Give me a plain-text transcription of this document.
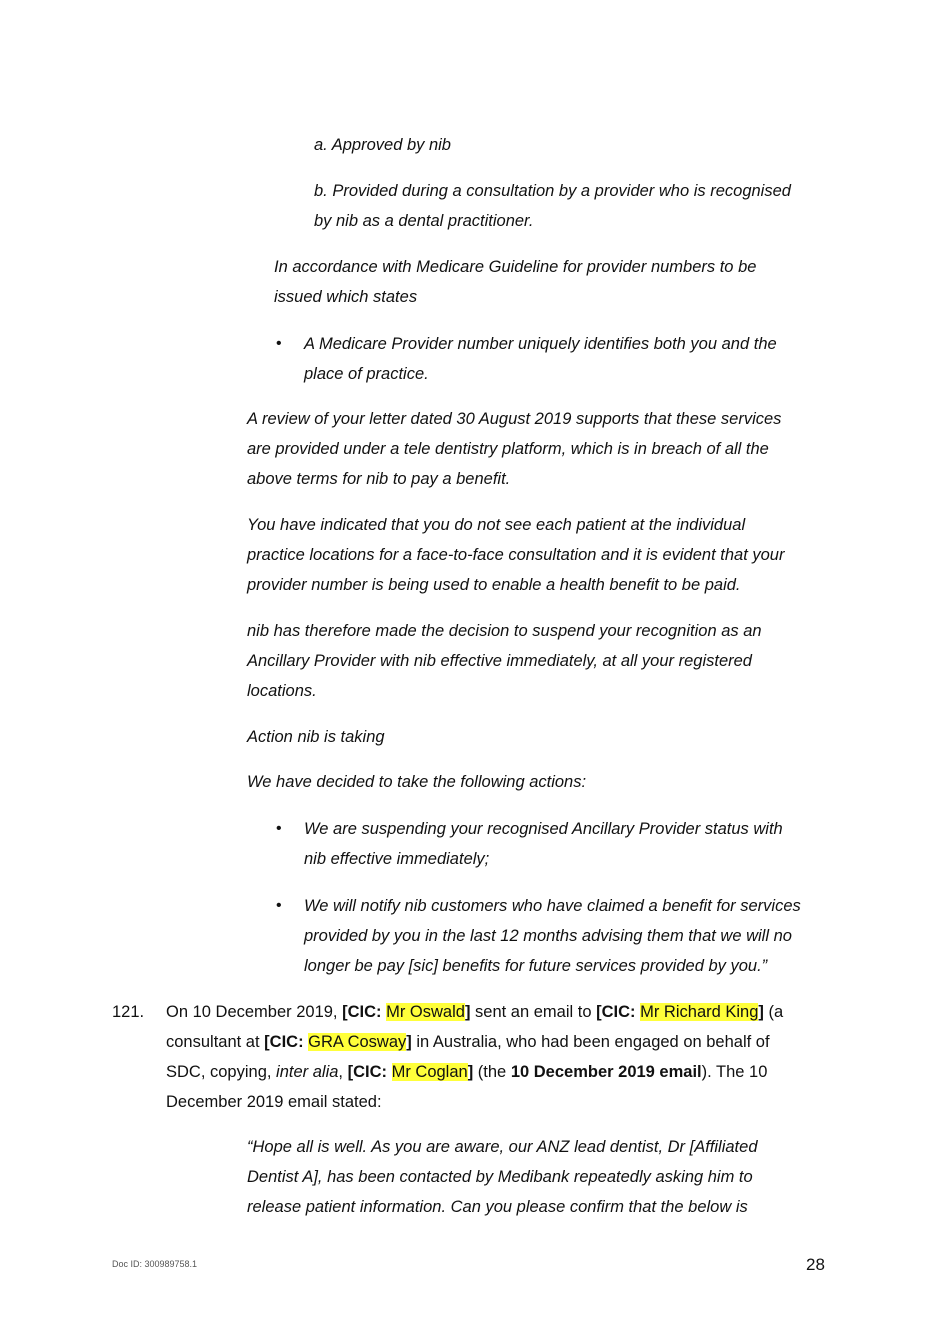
a. Approved by nib
b. Provided during a consultation by a provider who is recognised
by nib as a dental practitioner.
In accordance with Medicare Guideline for provider numbers to be
issued which states
• A Medicare Provider number uniquely identifies both you and the
place of practice.
A review of your letter dated 30 August 2019 supports that these services
are provided under a tele dentistry platform, which is in breach of all the
above terms for nib to pay a benefit.
You have indicated that you do not see each patient at the individual
practice locations for a face-to-face consultation and it is evident that your
provider number is being used to enable a health benefit to be paid.
nib has therefore made the decision to suspend your recognition as an
Ancillary Provider with nib effective immediately, at all your registered
locations.
Action nib is taking
We have decided to take the following actions:
• We are suspending your recognised Ancillary Provider status with
nib effective immediately;
• We will notify nib customers who have claimed a benefit for services
provided by you in the last 12 months advising them that we will no
longer be pay [sic] benefits for future services provided by you.”
121. On 10 December 2019, [CIC: Mr Oswald] sent an email to [CIC: Mr Richard King] (a
consultant at [CIC: GRA Cosway] in Australia, who had been engaged on behalf of
SDC, copying, inter alia, [CIC: Mr Coglan] (the 10 December 2019 email). The 10
December 2019 email stated:
“Hope all is well. As you are aware, our ANZ lead dentist, Dr [Affiliated
Dentist A], has been contacted by Medibank repeatedly asking him to
release patient information. Can you please confirm that the below is
Doc ID: 300989758.1	28
